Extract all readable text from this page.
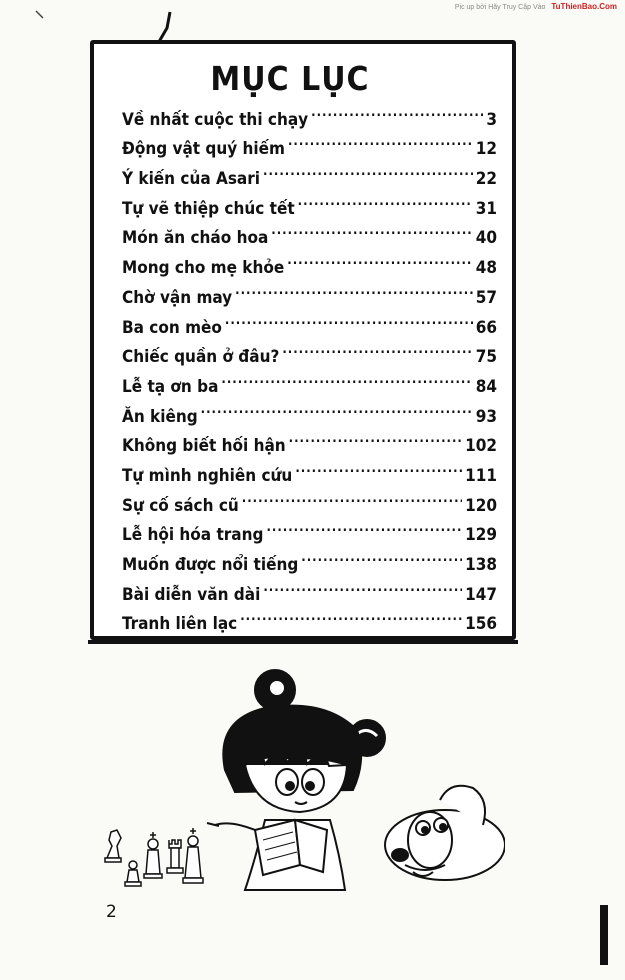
Pic up bởi Hãy Truy Cập Vào TuThienBao.Com
MỤC LỤC
Về nhất cuộc thi chạy .....	3
Động vật quý hiếm .....	12
Ý kiến của Asari .....	22
Tự vẽ thiệp chúc tết .....	31
Món ăn cháo hoa .....	40
Mong cho mẹ khỏe .....	48
Chờ vận may .....	57
Ba con mèo .....	66
Chiếc quần ở đâu? .....	75
Lễ tạ ơn ba .....	84
Ăn kiêng .....	93
Không biết hối hận .....	102
Tự mình nghiên cứu .....	111
Sự cố sách cũ .....	120
Lễ hội hóa trang .....	129
Muốn được nổi tiếng .....	138
Bài diễn văn dài .....	147
Tranh liên lạc .....	156
2
